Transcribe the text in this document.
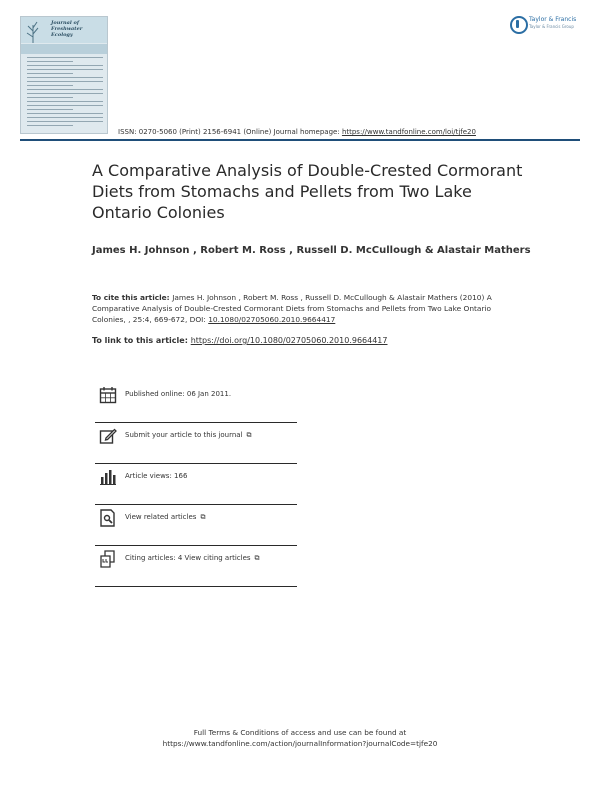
Journal of Freshwater Ecology
Taylor & Francis
Taylor & Francis Group
ISSN: 0270-5060 (Print) 2156-6941 (Online) Journal homepage: https://www.tandfonline.com/loi/tjfe20
A Comparative Analysis of Double-Crested Cormorant Diets from Stomachs and Pellets from Two Lake Ontario Colonies
James H. Johnson , Robert M. Ross , Russell D. McCullough & Alastair Mathers
To cite this article: James H. Johnson , Robert M. Ross , Russell D. McCullough & Alastair Mathers (2010) A Comparative Analysis of Double-Crested Cormorant Diets from Stomachs and Pellets from Two Lake Ontario Colonies, , 25:4, 669-672, DOI: 10.1080/02705060.2010.9664417
To link to this article: https://doi.org/10.1080/02705060.2010.9664417
Published online: 06 Jan 2011.
Submit your article to this journal ⧉
Article views: 166
View related articles ⧉
Citing articles: 4 View citing articles ⧉
Full Terms & Conditions of access and use can be found at
https://www.tandfonline.com/action/journalInformation?journalCode=tjfe20
